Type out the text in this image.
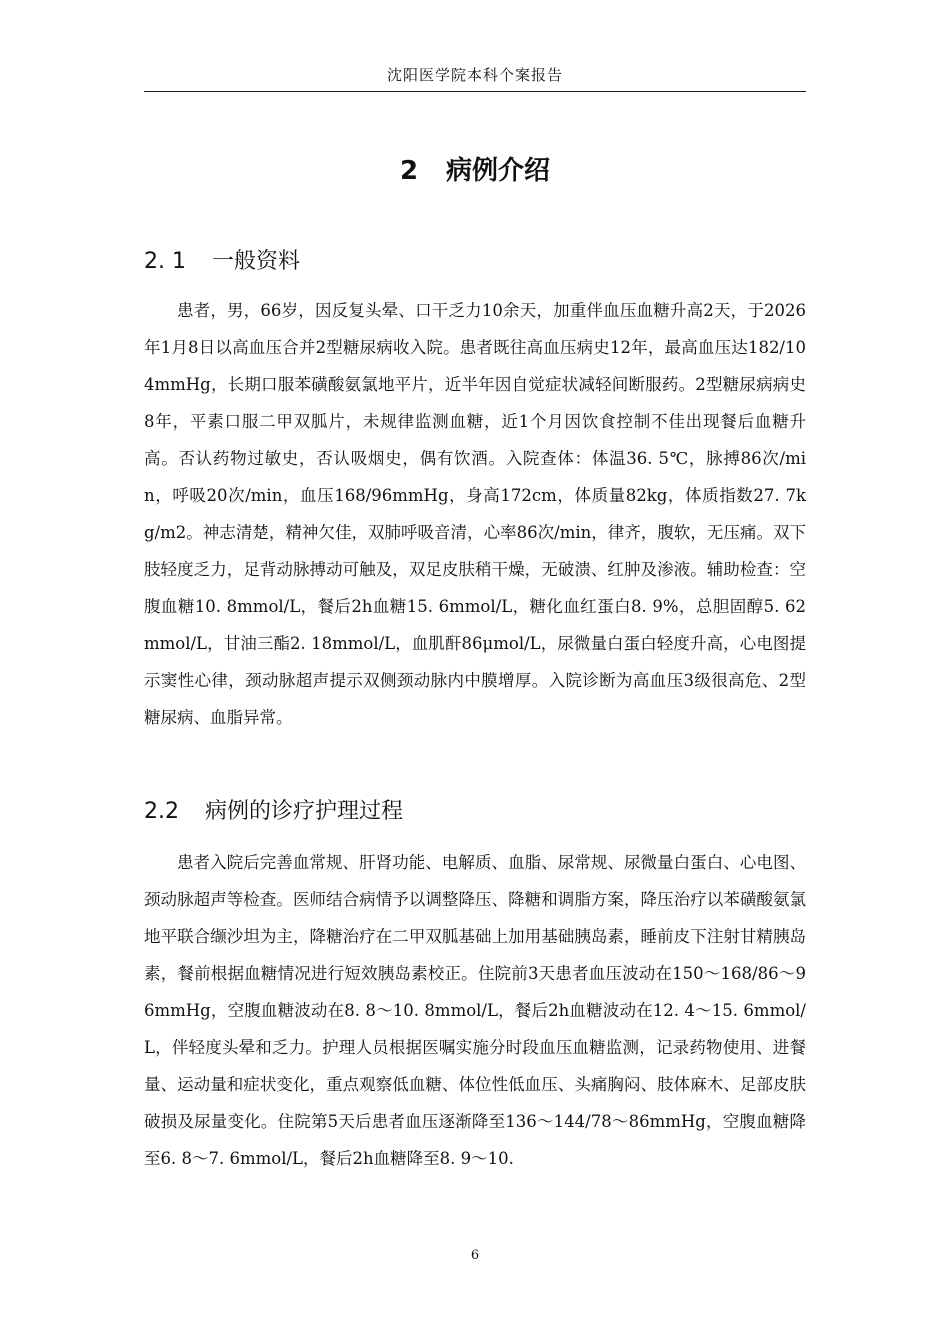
沈阳医学院本科个案报告
2 病例介绍
2. 1 一般资料

患者，男，66岁，因反复头晕、口干乏力10余天，加重伴血压血糖升高2天，于2026年1月8日以高血压合并2型糖尿病收入院。患者既往高血压病史12年，最高血压达182/104mmHg，长期口服苯磺酸氨氯地平片，近半年因自觉症状减轻间断服药。2型糖尿病病史8年，平素口服二甲双胍片，未规律监测血糖，近1个月因饮食控制不佳出现餐后血糖升高。否认药物过敏史，否认吸烟史，偶有饮酒。入院查体：体温36. 5℃，脉搏86次/min，呼吸20次/min，血压168/96mmHg，身高172cm，体质量82kg，体质指数27. 7kg/m2。神志清楚，精神欠佳，双肺呼吸音清，心率86次/min，律齐，腹软，无压痛。双下肢轻度乏力，足背动脉搏动可触及，双足皮肤稍干燥，无破溃、红肿及渗液。辅助检查：空腹血糖10. 8mmol/L，餐后2h血糖15. 6mmol/L，糖化血红蛋白8. 9%，总胆固醇5. 62mmol/L，甘油三酯2. 18mmol/L，血肌酐86μmol/L，尿微量白蛋白轻度升高，心电图提示窦性心律，颈动脉超声提示双侧颈动脉内中膜增厚。入院诊断为高血压3级很高危、2型糖尿病、血脂异常。

2.2 病例的诊疗护理过程

患者入院后完善血常规、肝肾功能、电解质、血脂、尿常规、尿微量白蛋白、心电图、颈动脉超声等检查。医师结合病情予以调整降压、降糖和调脂方案，降压治疗以苯磺酸氨氯地平联合缬沙坦为主，降糖治疗在二甲双胍基础上加用基础胰岛素，睡前皮下注射甘精胰岛素，餐前根据血糖情况进行短效胰岛素校正。住院前3天患者血压波动在150～168/86～96mmHg，空腹血糖波动在8. 8～10. 8mmol/L，餐后2h血糖波动在12. 4～15. 6mmol/L，伴轻度头晕和乏力。护理人员根据医嘱实施分时段血压血糖监测，记录药物使用、进餐量、运动量和症状变化，重点观察低血糖、体位性低血压、头痛胸闷、肢体麻木、足部皮肤破损及尿量变化。住院第5天后患者血压逐渐降至136～144/78～86mmHg，空腹血糖降至6. 8～7. 6mmol/L，餐后2h血糖降至8. 9～10.

6
